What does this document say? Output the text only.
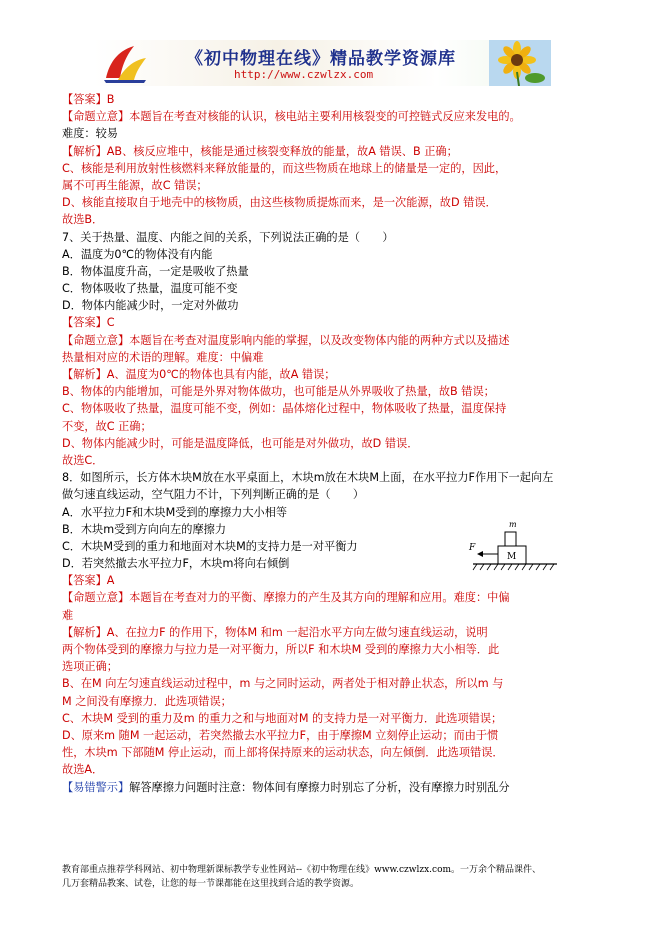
《初中物理在线》精品教学资源库
http://www.czwlzx.com
【答案】B
【命题立意】本题旨在考查对核能的认识，核电站主要利用核裂变的可控链式反应来发电的。
难度：较易
【解析】AB、核反应堆中，核能是通过核裂变释放的能量，故A 错误、B 正确；
C、核能是利用放射性核燃料来释放能量的，而这些物质在地球上的储量是一定的，因此，
属不可再生能源，故C 错误；
D、核能直接取自于地壳中的核物质，由这些核物质提炼而来，是一次能源，故D 错误．
故选B．
7、关于热量、温度、内能之间的关系，下列说法正确的是（　　）
A．温度为0℃的物体没有内能
B．物体温度升高，一定是吸收了热量
C．物体吸收了热量，温度可能不变
D．物体内能减少时，一定对外做功
【答案】C
【命题立意】本题旨在考查对温度影响内能的掌握，以及改变物体内能的两种方式以及描述
热量相对应的术语的理解。难度：中偏难
【解析】A、温度为0℃的物体也具有内能，故A 错误；
B、物体的内能增加，可能是外界对物体做功，也可能是从外界吸收了热量，故B 错误；
C、物体吸收了热量，温度可能不变，例如：晶体熔化过程中，物体吸收了热量，温度保持
不变，故C 正确；
D、物体内能减少时，可能是温度降低，也可能是对外做功，故D 错误．
故选C．
8．如图所示，长方体木块M放在水平桌面上，木块m放在木块M上面，在水平拉力F作用下一起向左
做匀速直线运动，空气阻力不计，下列判断正确的是（　　）
A．水平拉力F和木块M受到的摩擦力大小相等
B．木块m受到方向向左的摩擦力
C．木块M受到的重力和地面对木块M的支持力是一对平衡力
D．若突然撤去水平拉力F，木块m将向右倾倒
【答案】A
【命题立意】本题旨在考查对力的平衡、摩擦力的产生及其方向的理解和应用。难度：中偏
难
【解析】A、在拉力F 的作用下，物体M 和m 一起沿水平方向左做匀速直线运动，说明
两个物体受到的摩擦力与拉力是一对平衡力，所以F 和木块M 受到的摩擦力大小相等．此
选项正确；
B、在M 向左匀速直线运动过程中，m 与之同时运动，两者处于相对静止状态，所以m 与
M 之间没有摩擦力．此选项错误；
C、木块M 受到的重力及m 的重力之和与地面对M 的支持力是一对平衡力．此选项错误；
D、原来m 随M 一起运动，若突然撤去水平拉力F，由于摩擦M 立刻停止运动；而由于惯
性，木块m 下部随M 停止运动，而上部将保持原来的运动状态，向左倾倒．此选项错误．
故选A．
【易错警示】解答摩擦力问题时注意：物体间有摩擦力时别忘了分析，没有摩擦力时别乱分
m
M
F
教育部重点推荐学科网站、初中物理新课标教学专业性网站--《初中物理在线》www.czwlzx.com。一万余个精品课件、
几万套精品教案、试卷，让您的每一节课都能在这里找到合适的教学资源。
